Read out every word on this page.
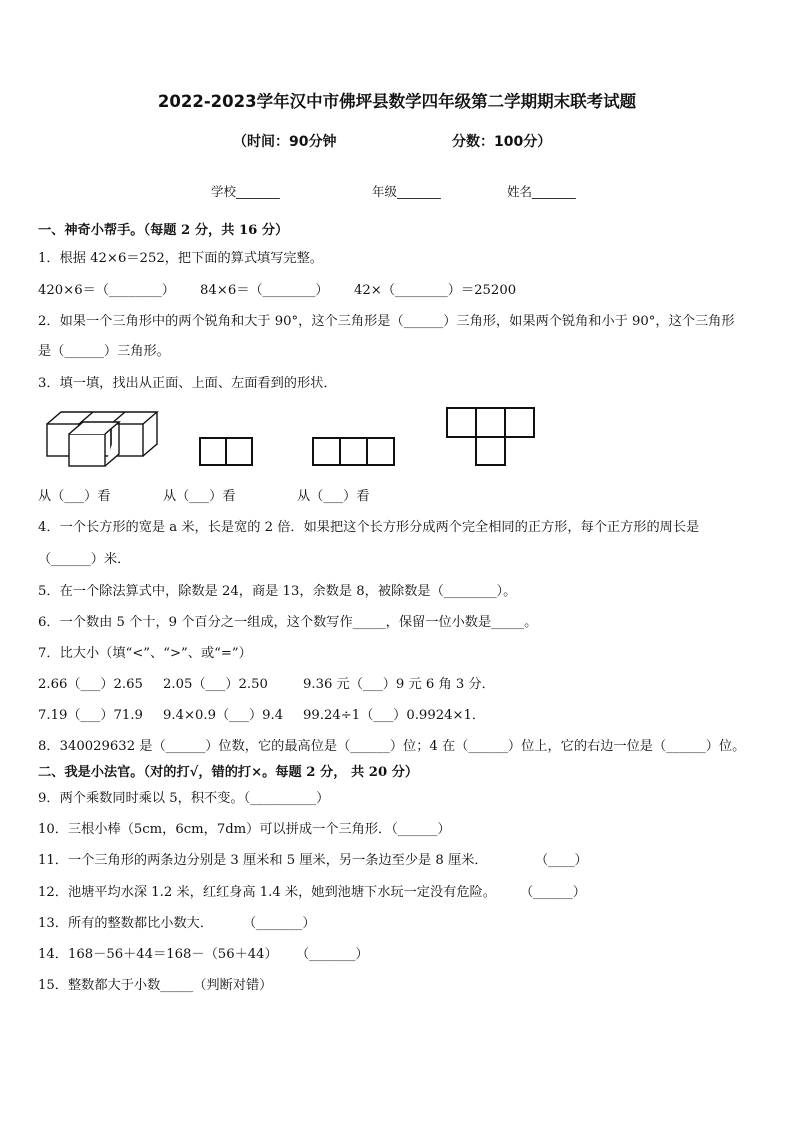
2022-2023学年汉中市佛坪县数学四年级第二学期期末联考试题
（时间：90分钟	分数：100分）
学校_______	年级_______	姓名_______
一、神奇小帮手。（每题 2 分，共 16 分）
1．根据 42×6＝252，把下面的算式填写完整。
420×6＝（________） 84×6＝（________） 42×（________）＝25200
2．如果一个三角形中的两个锐角和大于 90°，这个三角形是（______）三角形，如果两个锐角和小于 90°，这个三角形
是（______）三角形。
3．填一填，找出从正面、上面、左面看到的形状．
从（___）看	从（___）看	从（___）看
4．一个长方形的宽是 a 米，长是宽的 2 倍．如果把这个长方形分成两个完全相同的正方形，每个正方形的周长是
（______）米．
5．在一个除法算式中，除数是 24，商是 13，余数是 8，被除数是（________）。
6．一个数由 5 个十，9 个百分之一组成，这个数写作_____，保留一位小数是_____。
7．比大小（填“<”、“>”、或“=”）
2.66（___）2.65 2.05（___）2.50	9.36 元（___）9 元 6 角 3 分．
7.19（___）71.9 9.4×0.9（___）9.4 99.24÷1（___）0.9924×1．
8．340029632 是（______）位数，它的最高位是（______）位；4 在（______）位上，它的右边一位是（______）位。
二、我是小法官。（对的打√，错的打×。每题 2 分， 共 20 分）
9．两个乘数同时乘以 5，积不变。（__________）
10．三根小棒（5cm，6cm，7dm）可以拼成一个三角形．（______）
11．一个三角形的两条边分别是 3 厘米和 5 厘米，另一条边至少是 8 厘米．	（____）
12．池塘平均水深 1.2 米，红红身高 1.4 米，她到池塘下水玩一定没有危险。 （______）
13．所有的整数都比小数大． （_______）
14．168－56＋44＝168－（56＋44） （_______）
15．整数都大于小数_____（判断对错）
